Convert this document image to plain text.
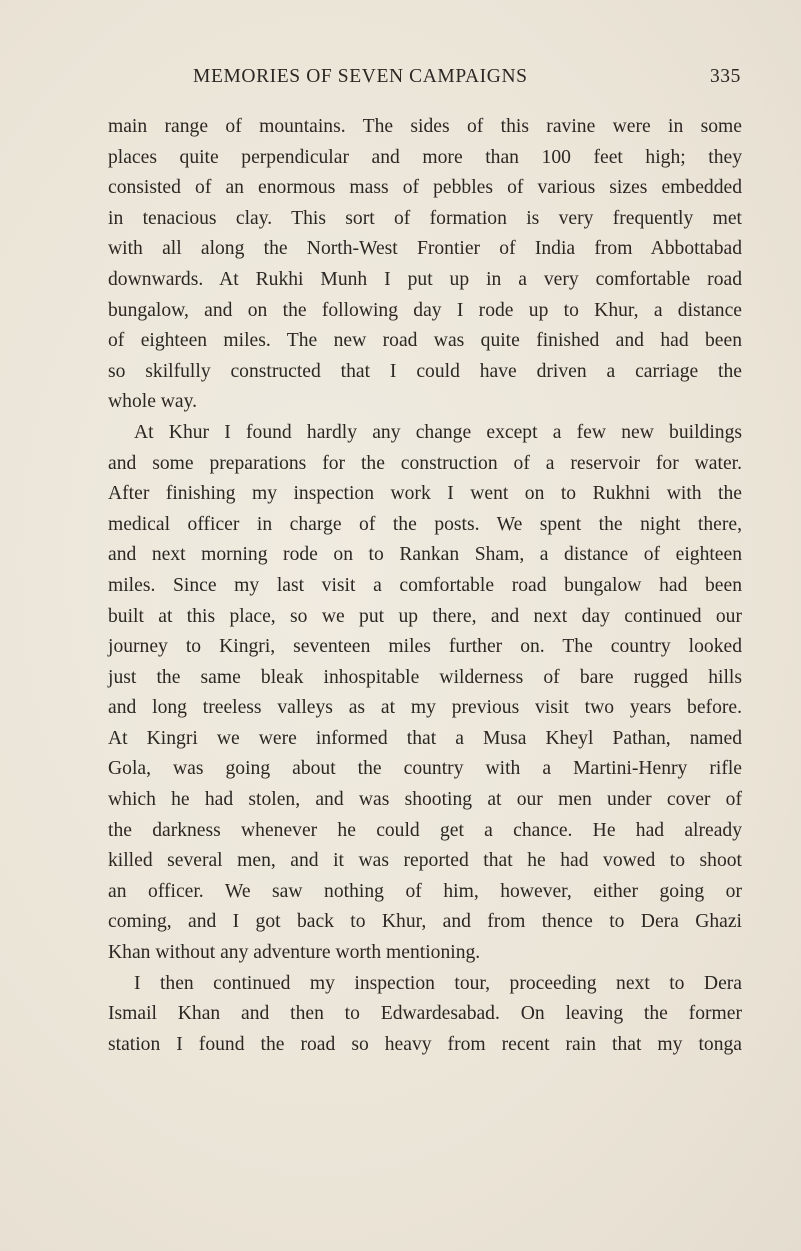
MEMORIES OF SEVEN CAMPAIGNS	335
main range of mountains. The sides of this ravine were in some
places quite perpendicular and more than 100 feet high; they
consisted of an enormous mass of pebbles of various sizes embedded
in tenacious clay. This sort of formation is very frequently met
with all along the North-West Frontier of India from Abbottabad
downwards. At Rukhi Munh I put up in a very comfortable road
bungalow, and on the following day I rode up to Khur, a distance
of eighteen miles. The new road was quite finished and had been
so skilfully constructed that I could have driven a carriage the
whole way.
At Khur I found hardly any change except a few new buildings
and some preparations for the construction of a reservoir for water.
After finishing my inspection work I went on to Rukhni with the
medical officer in charge of the posts. We spent the night there,
and next morning rode on to Rankan Sham, a distance of eighteen
miles. Since my last visit a comfortable road bungalow had been
built at this place, so we put up there, and next day continued our
journey to Kingri, seventeen miles further on. The country looked
just the same bleak inhospitable wilderness of bare rugged hills
and long treeless valleys as at my previous visit two years before.
At Kingri we were informed that a Musa Kheyl Pathan, named
Gola, was going about the country with a Martini-Henry rifle
which he had stolen, and was shooting at our men under cover of
the darkness whenever he could get a chance. He had already
killed several men, and it was reported that he had vowed to shoot
an officer. We saw nothing of him, however, either going or
coming, and I got back to Khur, and from thence to Dera Ghazi
Khan without any adventure worth mentioning.
I then continued my inspection tour, proceeding next to Dera
Ismail Khan and then to Edwardesabad. On leaving the former
station I found the road so heavy from recent rain that my tonga
